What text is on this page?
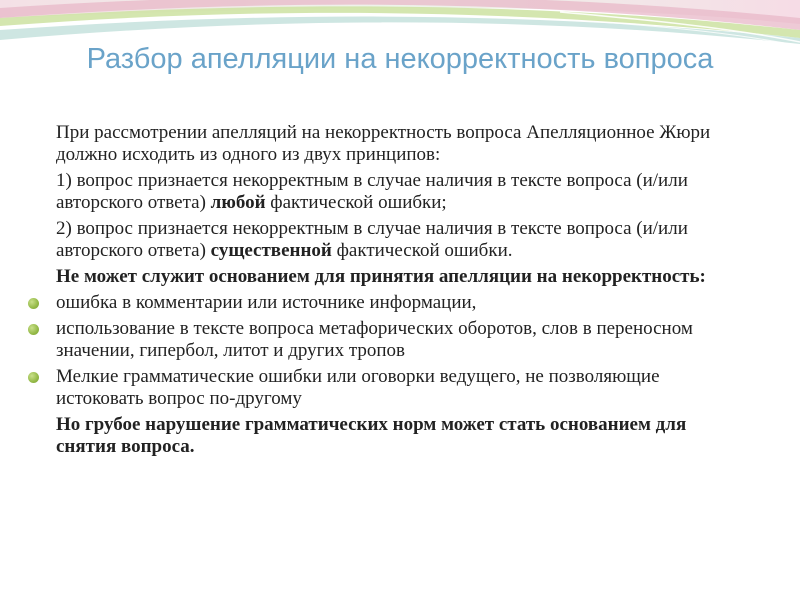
Разбор апелляции на некорректность вопроса

При рассмотрении апелляций на некорректность вопроса Апелляционное Жюри должно исходить из одного из двух принципов:

1) вопрос признается некорректным в случае наличия в тексте вопроса (и/или авторского ответа) любой фактической ошибки;

2) вопрос признается некорректным в случае наличия в тексте вопроса (и/или авторского ответа) существенной фактической ошибки.

Не может служит основанием для принятия апелляции на некорректность:

ошибка в комментарии или источнике информации,
использование в тексте вопроса метафорических оборотов, слов в переносном значении, гипербол, литот и других тропов
Мелкие грамматические ошибки или оговорки ведущего, не позволяющие истоковать вопрос по-другому

Но грубое нарушение грамматических норм может стать основанием для снятия вопроса.
